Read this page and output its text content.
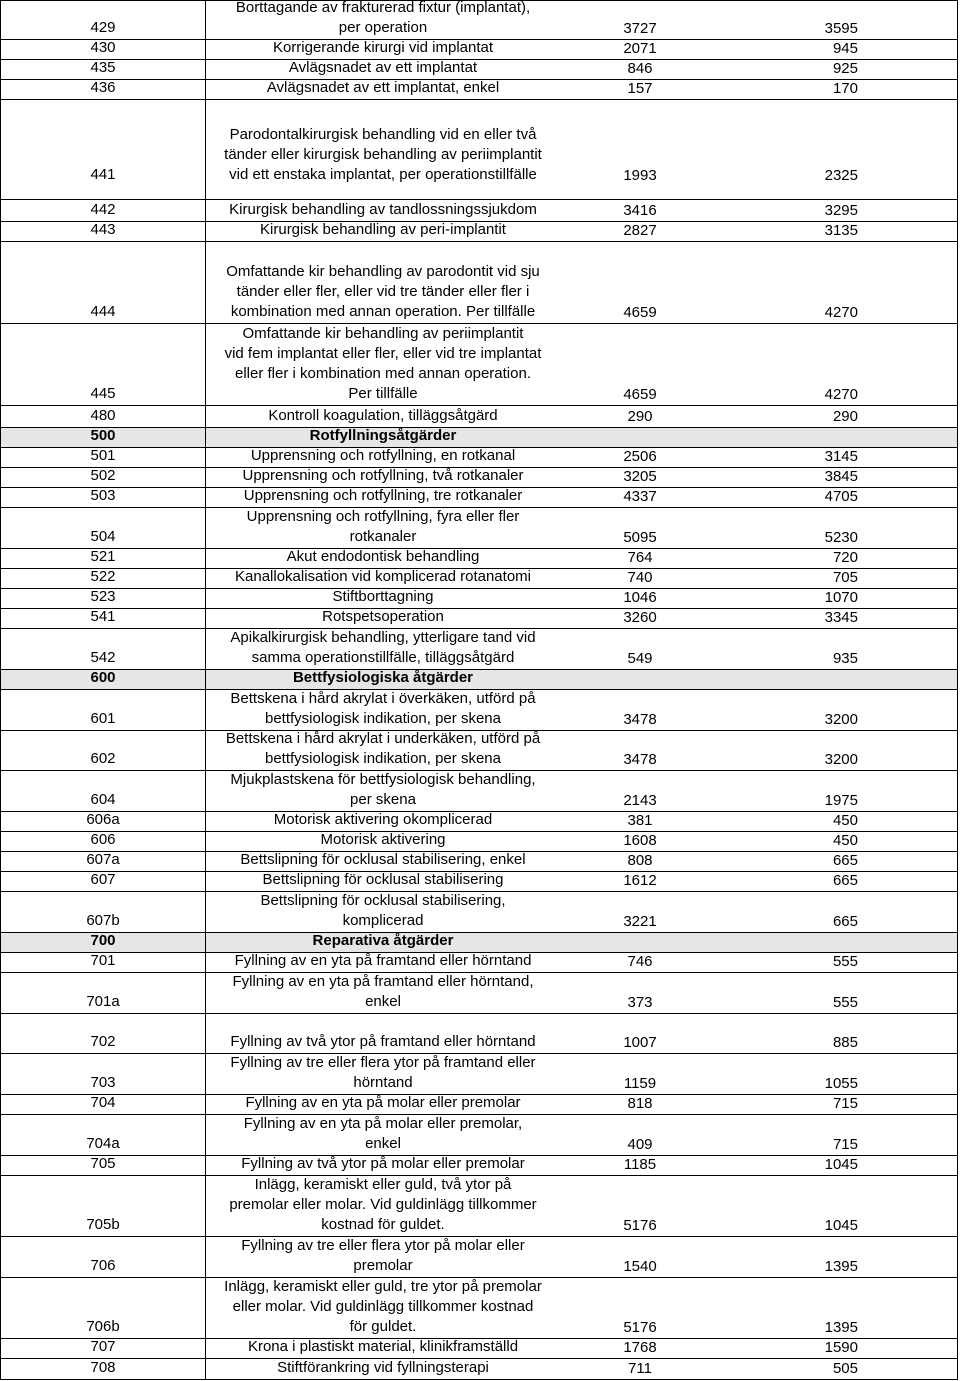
429
Borttagande av frakturerad fixtur (implantat),
per operation	3727	3595
430	Korrigerande kirurgi vid implantat	2071	945
435	Avlägsnadet av ett implantat	846	925
436	Avlägsnadet av ett implantat, enkel	157	170
441
Parodontalkirurgisk behandling vid en eller två
tänder eller kirurgisk behandling av periimplantit
vid ett enstaka implantat, per operationstillfälle	1993	2325
442	Kirurgisk behandling av tandlossningssjukdom	3416	3295
443	Kirurgisk behandling av peri-implantit	2827	3135
444
Omfattande kir behandling av parodontit vid sju
tänder eller fler, eller vid tre tänder eller fler i
kombination med annan operation. Per tillfälle	4659	4270
445
Omfattande kir behandling av periimplantit
vid fem implantat eller fler, eller vid tre implantat
eller fler i kombination med annan operation.
Per tillfälle	4659	4270
480	Kontroll koagulation, tilläggsåtgärd	290	290
500	Rotfyllningsåtgärder
501	Upprensning och rotfyllning, en rotkanal	2506	3145
502	Upprensning och rotfyllning, två rotkanaler	3205	3845
503	Upprensning och rotfyllning, tre rotkanaler	4337	4705
504
Upprensning och rotfyllning, fyra eller fler
rotkanaler	5095	5230
521	Akut endodontisk behandling	764	720
522	Kanallokalisation vid komplicerad rotanatomi	740	705
523	Stiftborttagning	1046	1070
541	Rotspetsoperation	3260	3345
542
Apikalkirurgisk behandling, ytterligare tand vid
samma operationstillfälle, tilläggsåtgärd	549	935
600	Bettfysiologiska åtgärder
601
Bettskena i hård akrylat i överkäken, utförd på
bettfysiologisk indikation, per skena	3478	3200
602
Bettskena i hård akrylat i underkäken, utförd på
bettfysiologisk indikation, per skena	3478	3200
604
Mjukplastskena för bettfysiologisk behandling,
per skena	2143	1975
606a	Motorisk aktivering okomplicerad	381	450
606	Motorisk aktivering	1608	450
607a	Bettslipning för ocklusal stabilisering, enkel	808	665
607	Bettslipning för ocklusal stabilisering	1612	665
607b
Bettslipning för ocklusal stabilisering,
komplicerad	3221	665
700	Reparativa åtgärder
701	Fyllning av en yta på framtand eller hörntand	746	555
701a
Fyllning av en yta på framtand eller hörntand,
enkel	373	555
702	Fyllning av två ytor på framtand eller hörntand	1007	885
703
Fyllning av tre eller flera ytor på framtand eller
hörntand	1159	1055
704	Fyllning av en yta på molar eller premolar	818	715
704a
Fyllning av en yta på molar eller premolar,
enkel	409	715
705	Fyllning av två ytor på molar eller premolar	1185	1045
705b
Inlägg, keramiskt eller guld, två ytor på
premolar eller molar. Vid guldinlägg tillkommer
kostnad för guldet.	5176	1045
706
Fyllning av tre eller flera ytor på molar eller
premolar	1540	1395
706b
Inlägg, keramiskt eller guld, tre ytor på premolar
eller molar. Vid guldinlägg tillkommer kostnad
för guldet.	5176	1395
707	Krona i plastiskt material, klinikframställd	1768	1590
708	Stiftförankring vid fyllningsterapi	711	505
